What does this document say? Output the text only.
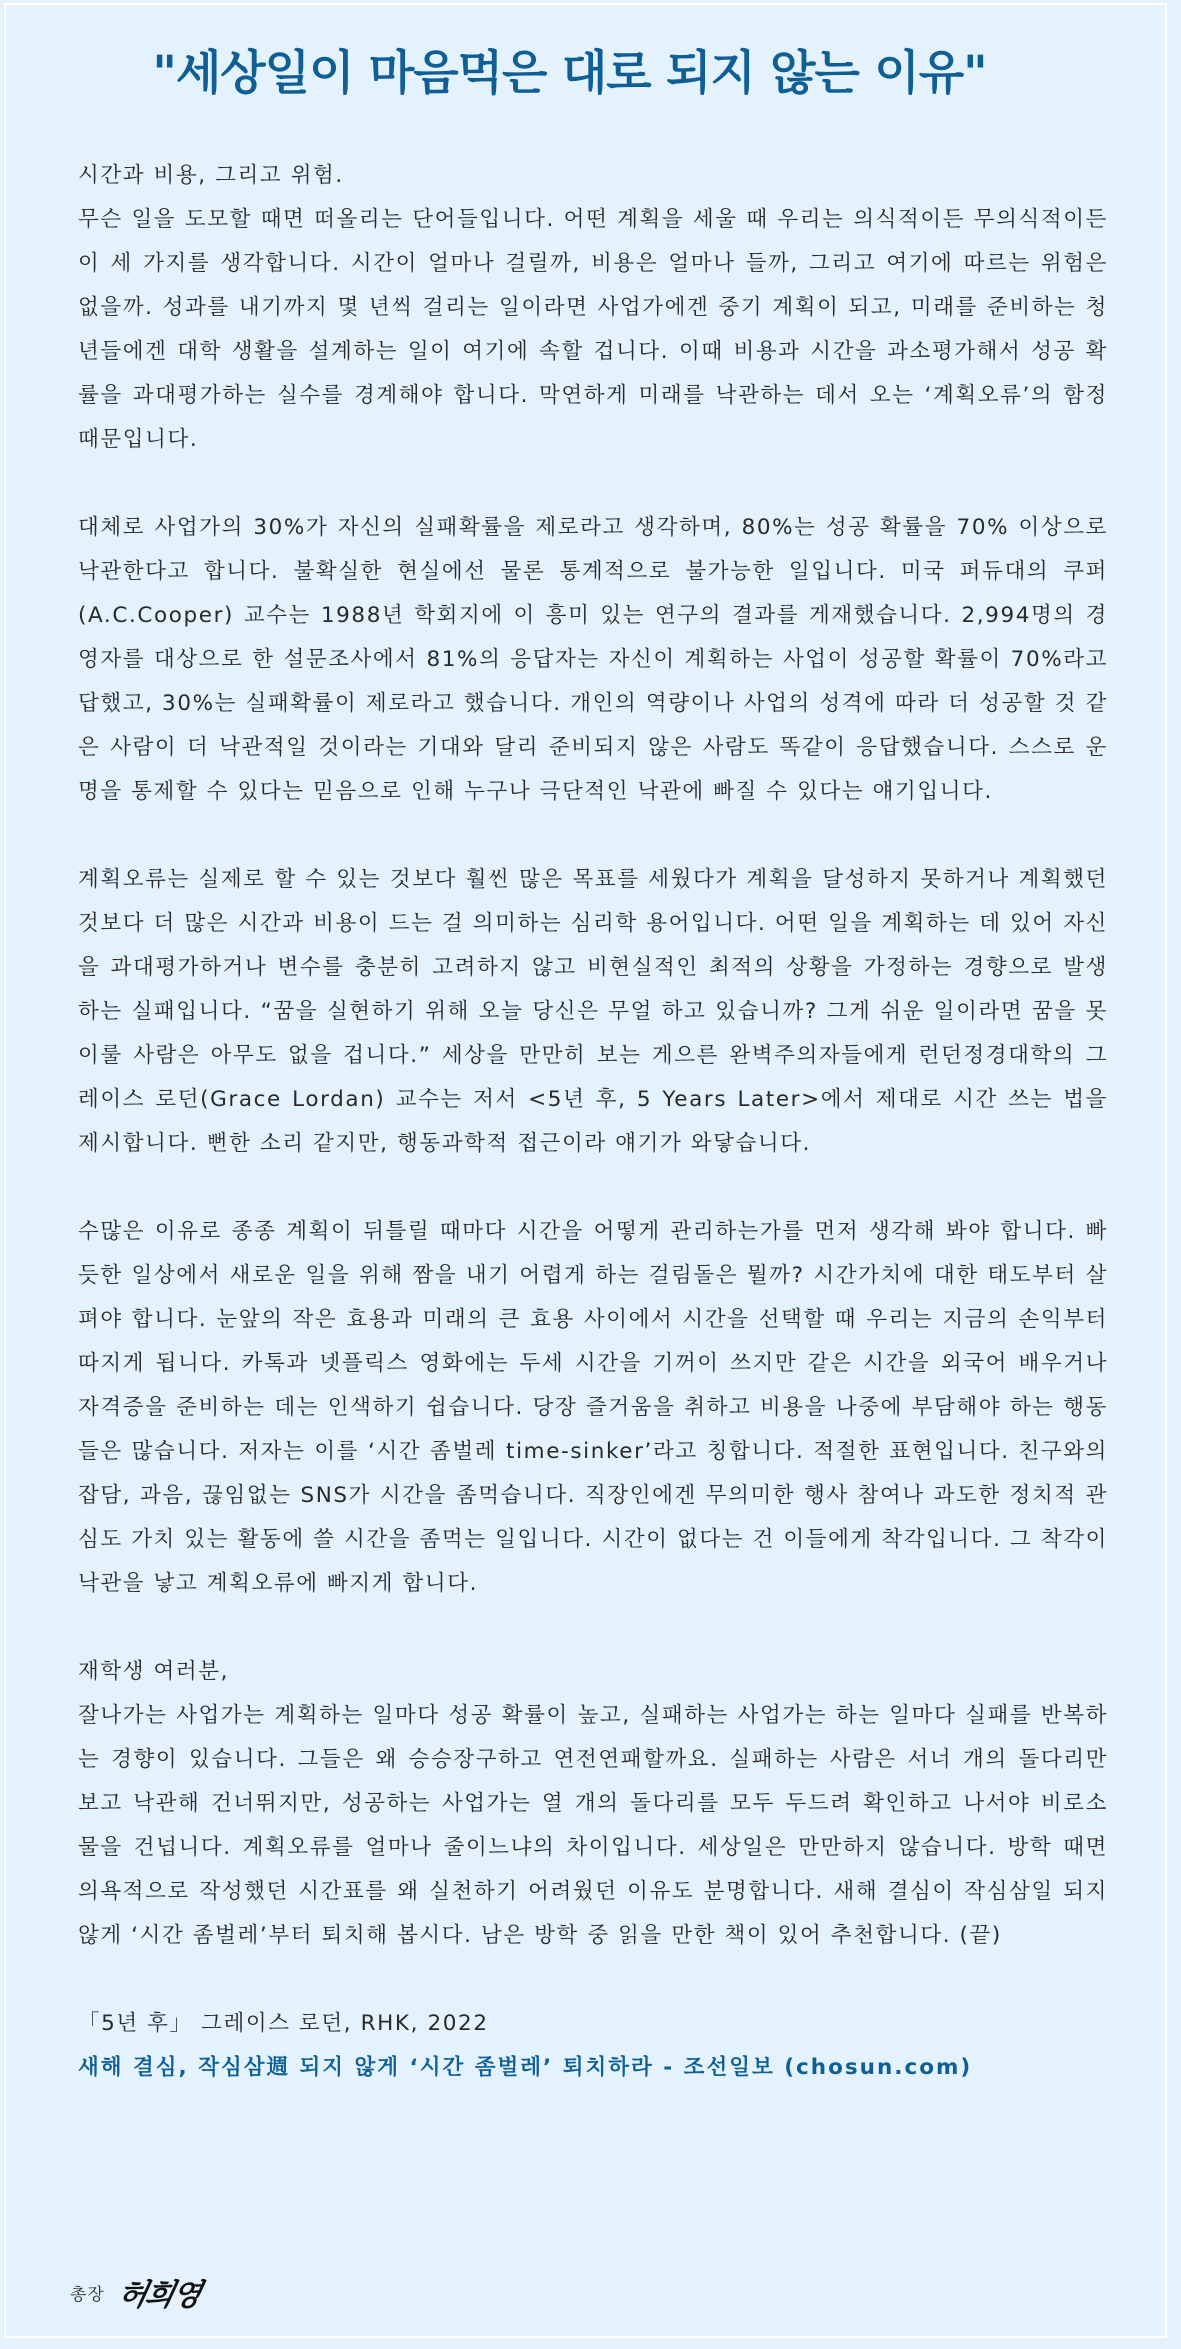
"세상일이 마음먹은 대로 되지 않는 이유"

시간과 비용, 그리고 위험.

무슨 일을 도모할 때면 떠올리는 단어들입니다. 어떤 계획을 세울 때 우리는 의식적이든 무의식적이든 이 세 가지를 생각합니다. 시간이 얼마나 걸릴까, 비용은 얼마나 들까, 그리고 여기에 따르는 위험은 없을까. 성과를 내기까지 몇 년씩 걸리는 일이라면 사업가에겐 중기 계획이 되고, 미래를 준비하는 청년들에겐 대학 생활을 설계하는 일이 여기에 속할 겁니다. 이때 비용과 시간을 과소평가해서 성공 확률을 과대평가하는 실수를 경계해야 합니다. 막연하게 미래를 낙관하는 데서 오는 ‘계획오류’의 함정 때문입니다.

대체로 사업가의 30%가 자신의 실패확률을 제로라고 생각하며, 80%는 성공 확률을 70% 이상으로 낙관한다고 합니다. 불확실한 현실에선 물론 통계적으로 불가능한 일입니다. 미국 퍼듀대의 쿠퍼(A.C.Cooper) 교수는 1988년 학회지에 이 흥미 있는 연구의 결과를 게재했습니다. 2,994명의 경영자를 대상으로 한 설문조사에서 81%의 응답자는 자신이 계획하는 사업이 성공할 확률이 70%라고 답했고, 30%는 실패확률이 제로라고 했습니다. 개인의 역량이나 사업의 성격에 따라 더 성공할 것 같은 사람이 더 낙관적일 것이라는 기대와 달리 준비되지 않은 사람도 똑같이 응답했습니다. 스스로 운명을 통제할 수 있다는 믿음으로 인해 누구나 극단적인 낙관에 빠질 수 있다는 얘기입니다.

계획오류는 실제로 할 수 있는 것보다 훨씬 많은 목표를 세웠다가 계획을 달성하지 못하거나 계획했던 것보다 더 많은 시간과 비용이 드는 걸 의미하는 심리학 용어입니다. 어떤 일을 계획하는 데 있어 자신을 과대평가하거나 변수를 충분히 고려하지 않고 비현실적인 최적의 상황을 가정하는 경향으로 발생하는 실패입니다. “꿈을 실현하기 위해 오늘 당신은 무얼 하고 있습니까? 그게 쉬운 일이라면 꿈을 못 이룰 사람은 아무도 없을 겁니다.” 세상을 만만히 보는 게으른 완벽주의자들에게 런던정경대학의 그레이스 로던(Grace Lordan) 교수는 저서 <5년 후, 5 Years Later>에서 제대로 시간 쓰는 법을 제시합니다. 뻔한 소리 같지만, 행동과학적 접근이라 얘기가 와닿습니다.

수많은 이유로 종종 계획이 뒤틀릴 때마다 시간을 어떻게 관리하는가를 먼저 생각해 봐야 합니다. 빠듯한 일상에서 새로운 일을 위해 짬을 내기 어렵게 하는 걸림돌은 뭘까? 시간가치에 대한 태도부터 살펴야 합니다. 눈앞의 작은 효용과 미래의 큰 효용 사이에서 시간을 선택할 때 우리는 지금의 손익부터 따지게 됩니다. 카톡과 넷플릭스 영화에는 두세 시간을 기꺼이 쓰지만 같은 시간을 외국어 배우거나 자격증을 준비하는 데는 인색하기 쉽습니다. 당장 즐거움을 취하고 비용을 나중에 부담해야 하는 행동들은 많습니다. 저자는 이를 ‘시간 좀벌레 time-sinker’라고 칭합니다. 적절한 표현입니다. 친구와의 잡담, 과음, 끊임없는 SNS가 시간을 좀먹습니다. 직장인에겐 무의미한 행사 참여나 과도한 정치적 관심도 가치 있는 활동에 쓸 시간을 좀먹는 일입니다. 시간이 없다는 건 이들에게 착각입니다. 그 착각이 낙관을 낳고 계획오류에 빠지게 합니다.

재학생 여러분,

잘나가는 사업가는 계획하는 일마다 성공 확률이 높고, 실패하는 사업가는 하는 일마다 실패를 반복하는 경향이 있습니다. 그들은 왜 승승장구하고 연전연패할까요. 실패하는 사람은 서너 개의 돌다리만 보고 낙관해 건너뛰지만, 성공하는 사업가는 열 개의 돌다리를 모두 두드려 확인하고 나서야 비로소 물을 건넙니다. 계획오류를 얼마나 줄이느냐의 차이입니다. 세상일은 만만하지 않습니다. 방학 때면 의욕적으로 작성했던 시간표를 왜 실천하기 어려웠던 이유도 분명합니다. 새해 결심이 작심삼일 되지 않게 ‘시간 좀벌레’부터 퇴치해 봅시다. 남은 방학 중 읽을 만한 책이 있어 추천합니다. (끝)

「5년 후」 그레이스 로던, RHK, 2022

새해 결심, 작심삼週 되지 않게 ‘시간 좀벌레’ 퇴치하라 - 조선일보 (chosun.com)

총장 허희영
